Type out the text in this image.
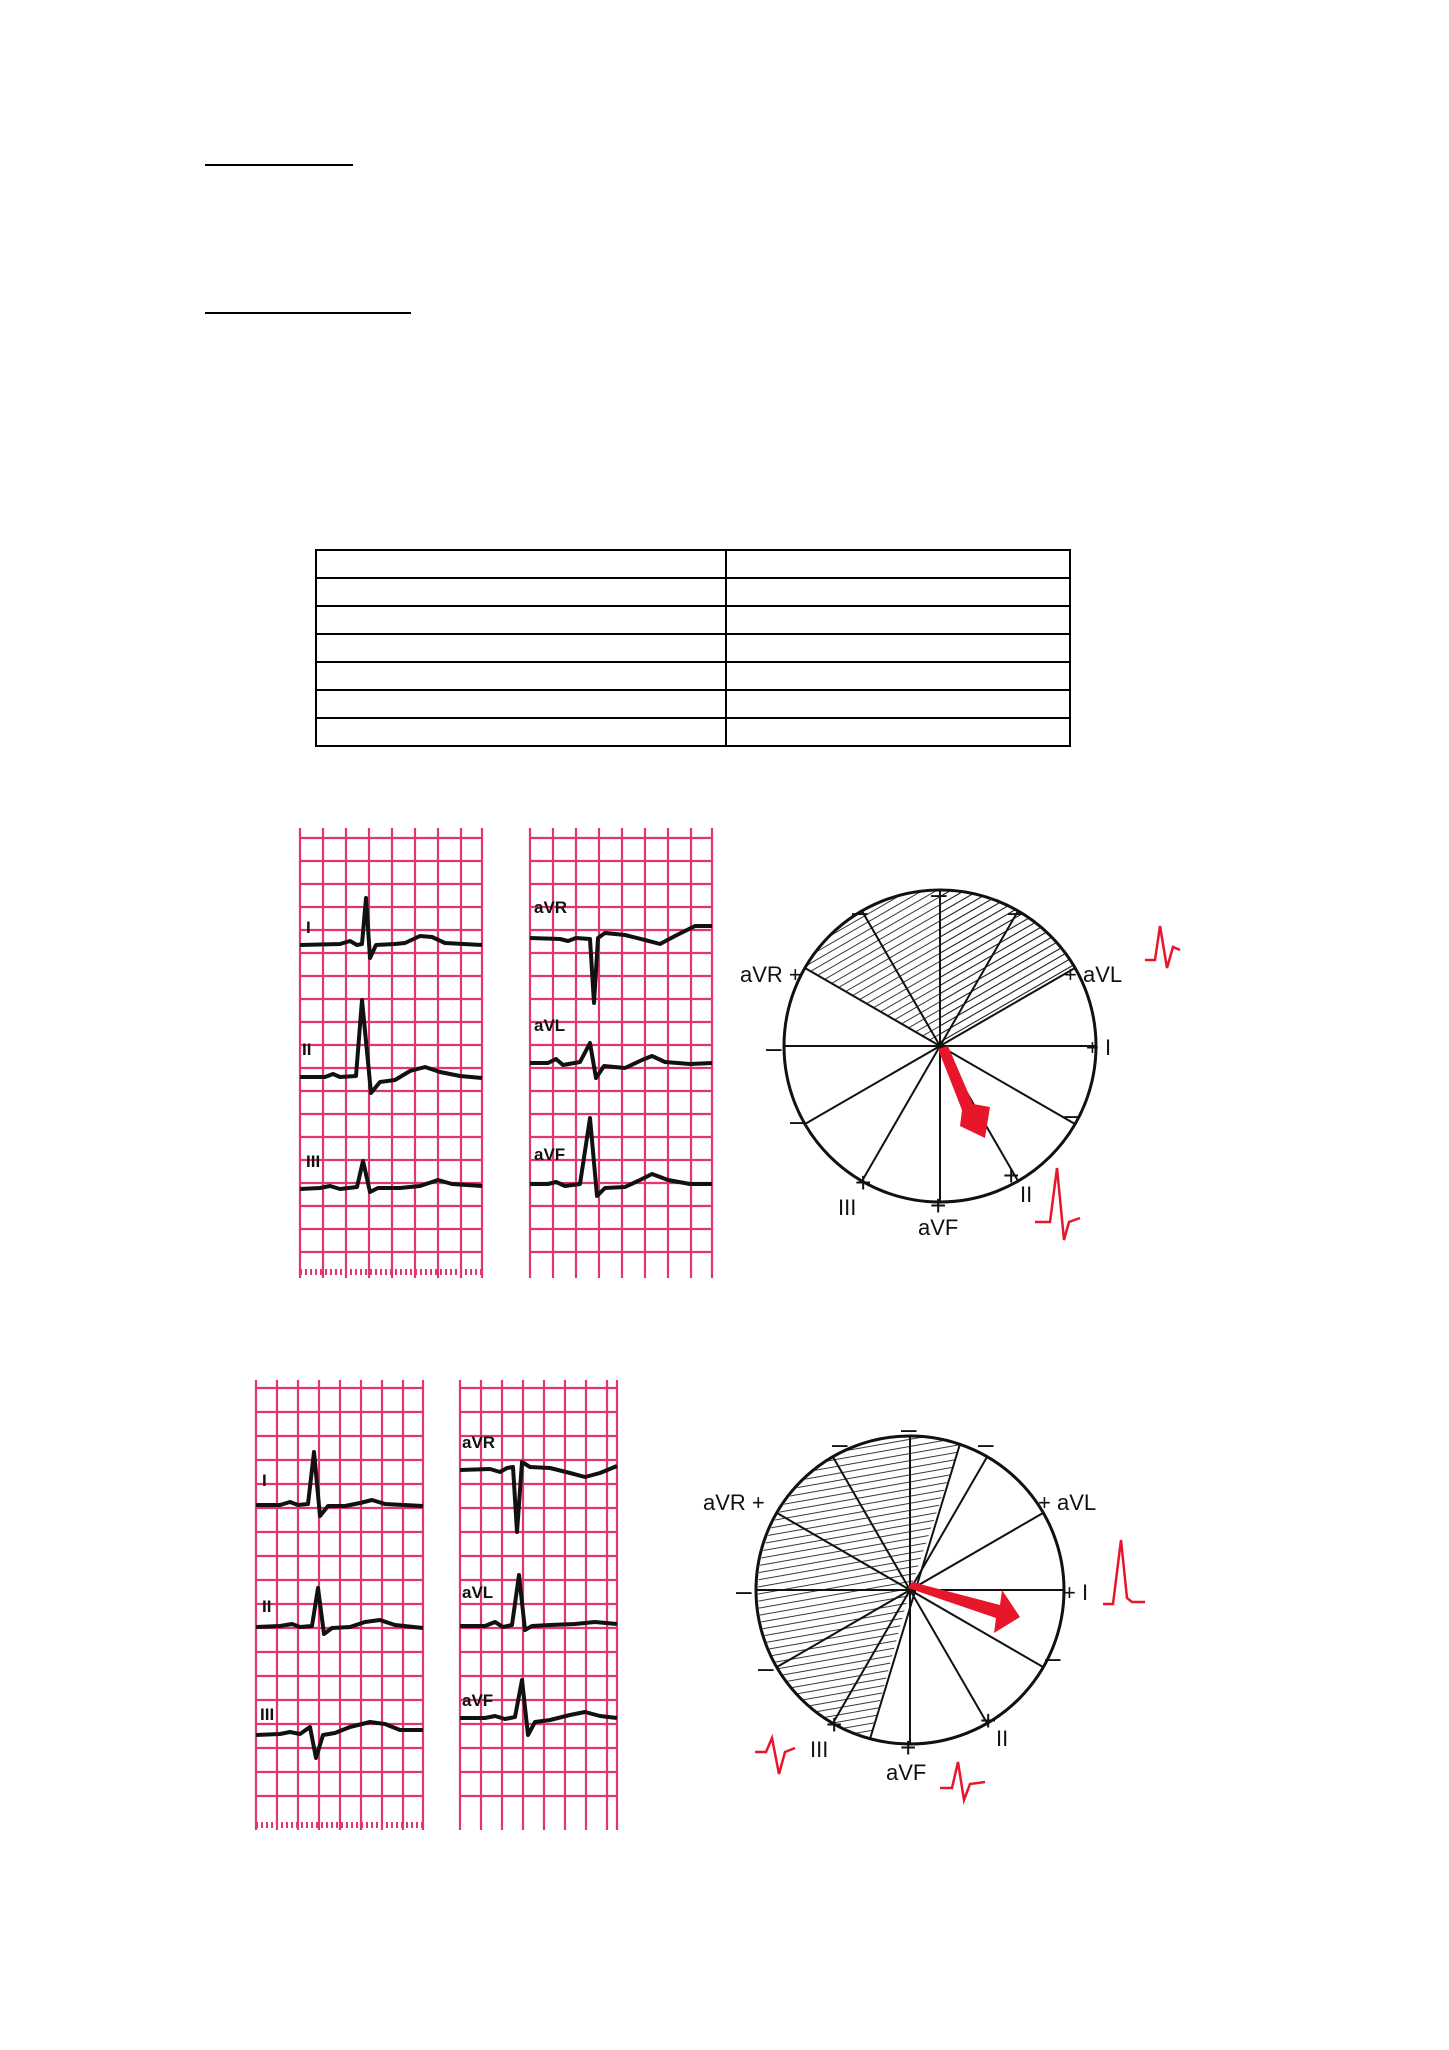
I
II
III
aVR
aVL
aVF
–
–
–
–
–	–
+
+
+
aVR +	+ aVL
+ I
III
aVF
II
I
II
III
aVR
aVL
aVF
– – –
–
–	–
+
+
+
aVR +	+ aVL
+ I
III
aVF
II
